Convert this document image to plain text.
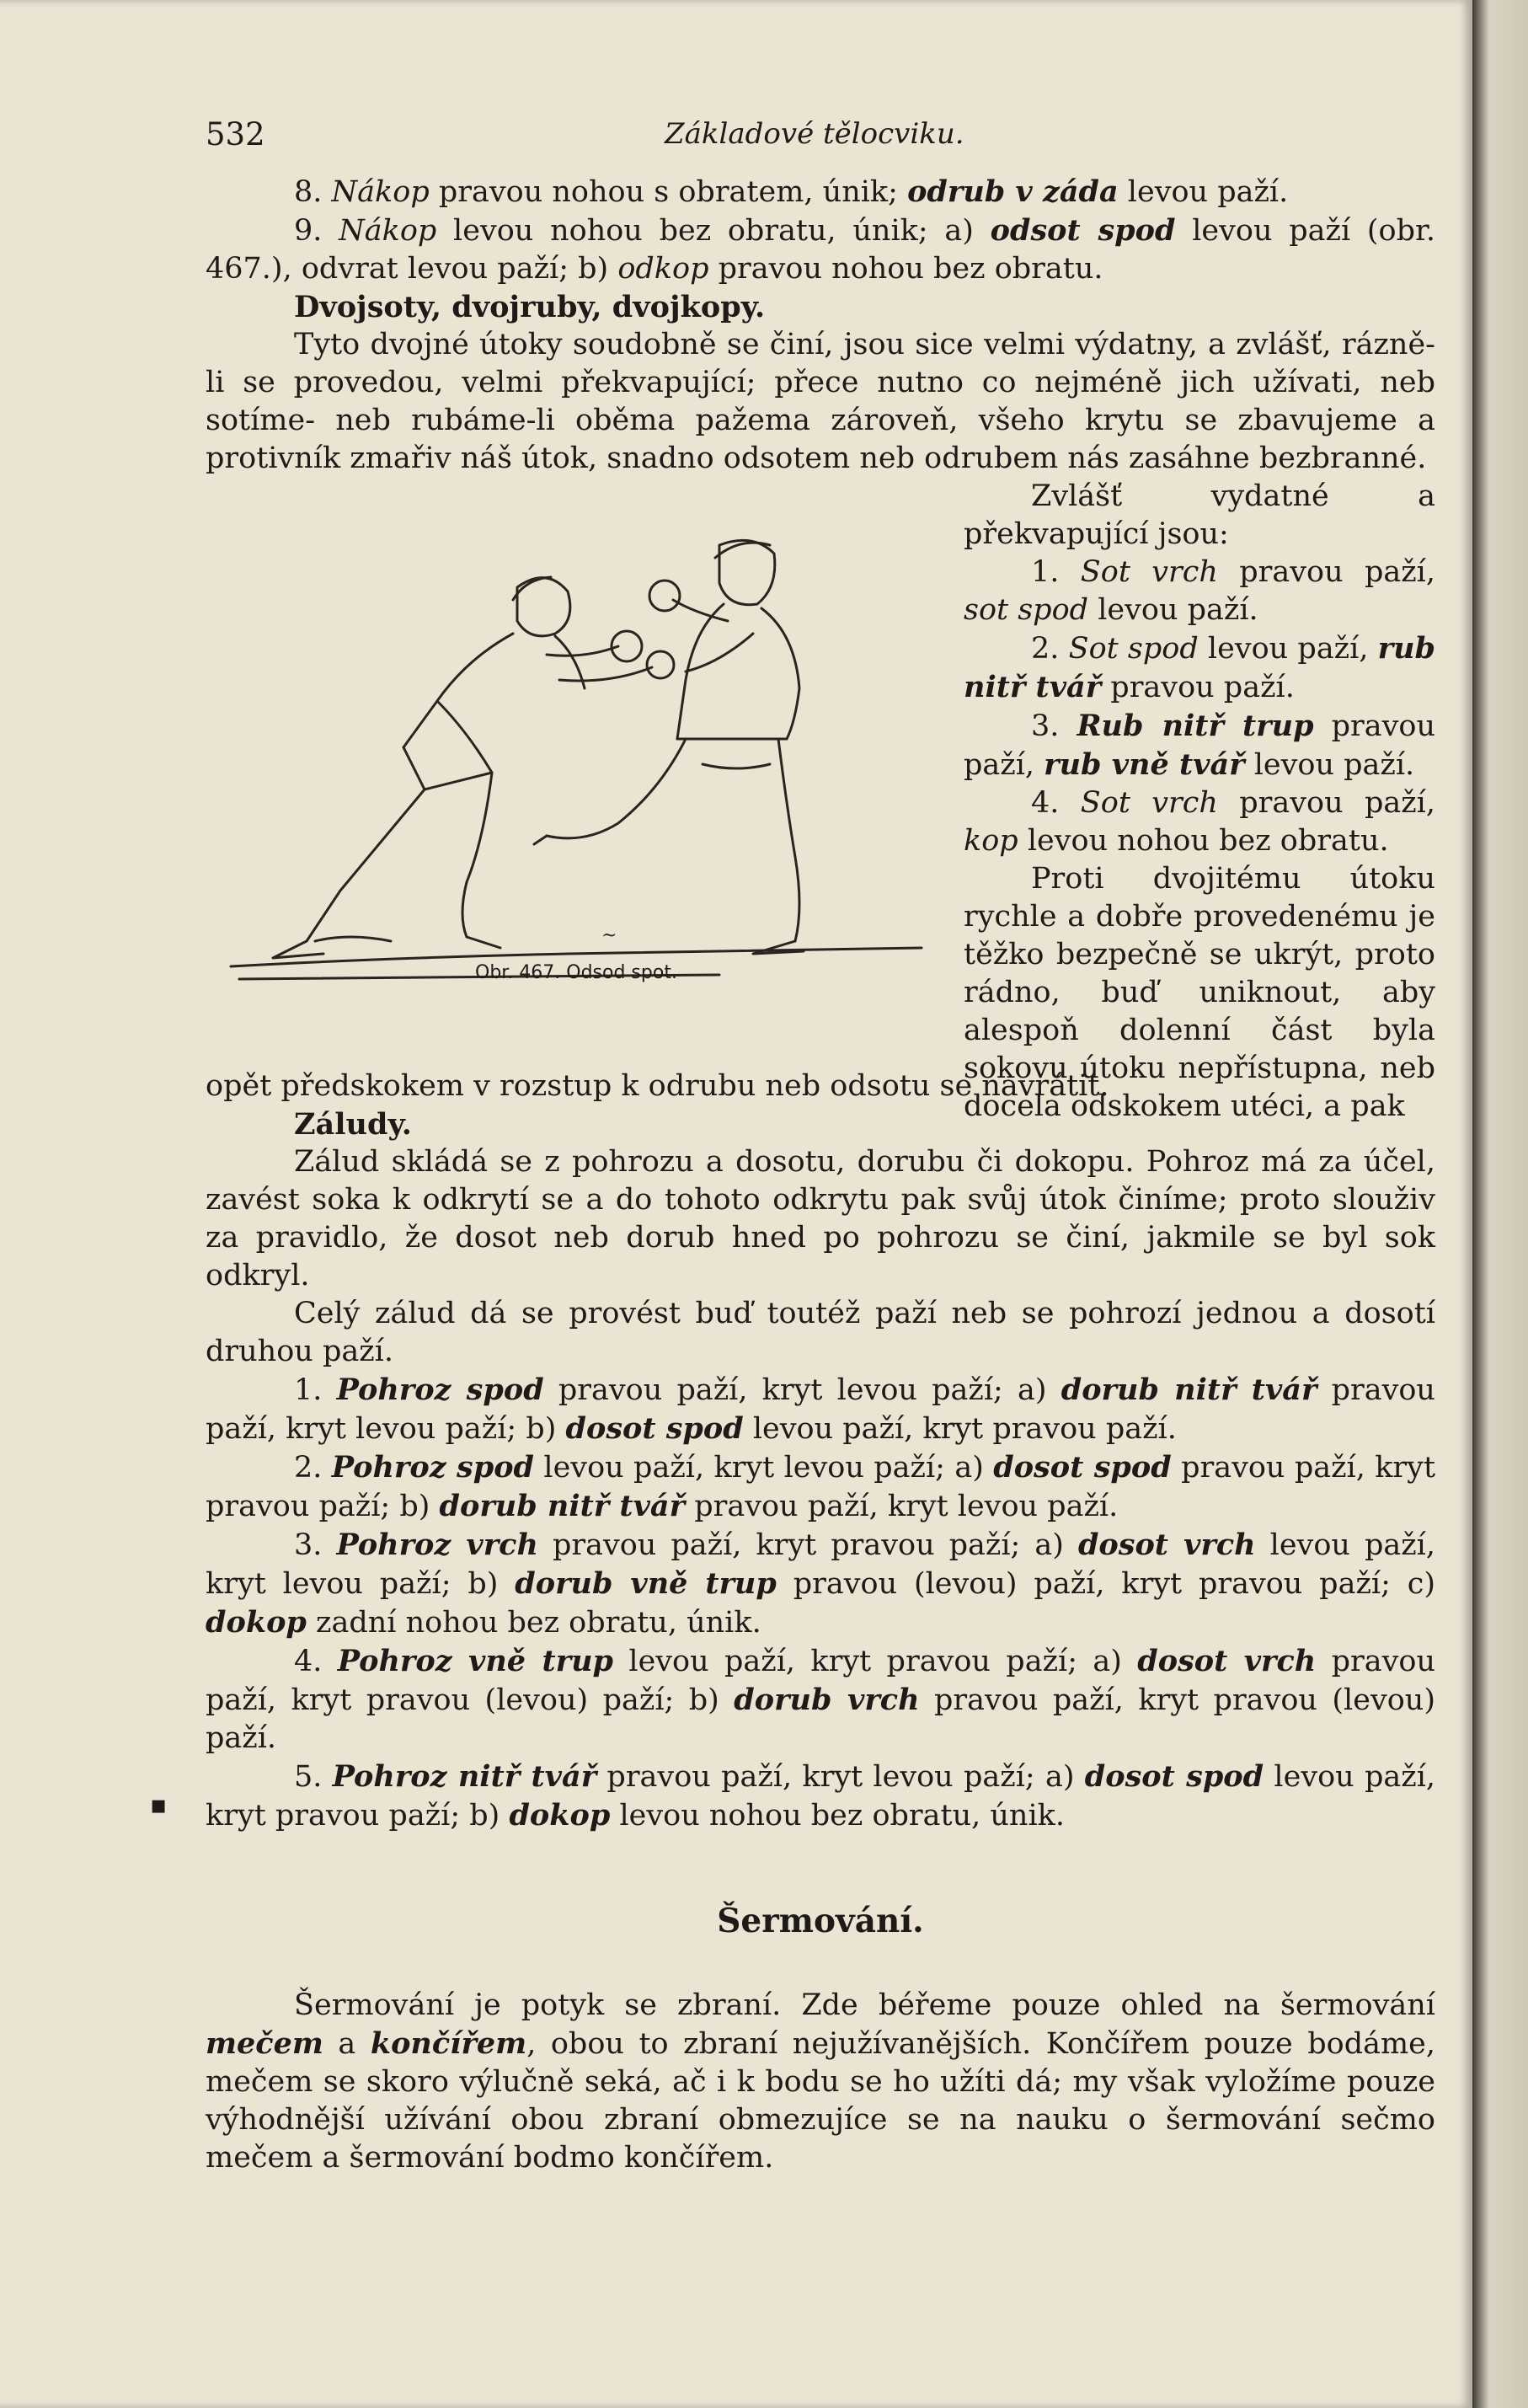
532	Základové tělocviku.

8. Nákop pravou nohou s obratem, únik; odrub v záda levou paží.

9. Nákop levou nohou bez obratu, únik; a) odsot spod levou paží (obr. 467.), odvrat levou paží; b) odkop pravou nohou bez obratu.

Dvojsoty, dvojruby, dvojkopy.

Tyto dvojné útoky soudobně se činí, jsou sice velmi výdatny, a zvlášť, rázně-li se provedou, velmi překvapující; přece nutno co nejméně jich užívati, neb sotíme- neb rubáme-li oběma pažema zároveň, všeho krytu se zbavujeme a protivník zmařiv náš útok, snadno odsotem neb odrubem nás zasáhne bezbranné.

~
Obr. 467. Odsod spot.

Zvlášť vydatné a překvapující jsou:

1. Sot vrch pravou paží, sot spod levou paží.

2. Sot spod levou paží, rub nitř tvář pravou paží.

3. Rub nitř trup pravou paží, rub vně tvář levou paží.

4. Sot vrch pravou paží, kop levou nohou bez obratu.

Proti dvojitému útoku rychle a dobře provedenému je těžko bezpečně se ukrýt, proto rádno, buď uniknout, aby alespoň dolenní část byla sokovu útoku nepřístupna, neb docela odskokem utéci, a pak

opět předskokem v rozstup k odrubu neb odsotu se navrátit.

Záludy.

Zálud skládá se z pohrozu a dosotu, dorubu či dokopu. Pohroz má za účel, zavést soka k odkrytí se a do tohoto odkrytu pak svůj útok činíme; proto slouživ za pravidlo, že dosot neb dorub hned po pohrozu se činí, jakmile se byl sok odkryl.

Celý zálud dá se provést buď toutéž paží neb se pohrozí jednou a dosotí druhou paží.

1. Pohroz spod pravou paží, kryt levou paží; a) dorub nitř tvář pravou paží, kryt levou paží; b) dosot spod levou paží, kryt pravou paží.

2. Pohroz spod levou paží, kryt levou paží; a) dosot spod pravou paží, kryt pravou paží; b) dorub nitř tvář pravou paží, kryt levou paží.

3. Pohroz vrch pravou paží, kryt pravou paží; a) dosot vrch levou paží, kryt levou paží; b) dorub vně trup pravou (levou) paží, kryt pravou paží; c) dokop zadní nohou bez obratu, únik.

4. Pohroz vně trup levou paží, kryt pravou paží; a) dosot vrch pravou paží, kryt pravou (levou) paží; b) dorub vrch pravou paží, kryt pravou (levou) paží.

5. Pohroz nitř tvář pravou paží, kryt levou paží; a) dosot spod levou paží, kryt pravou paží; b) dokop levou nohou bez obratu, únik.

Šermování.

Šermování je potyk se zbraní. Zde béřeme pouze ohled na šermování mečem a končířem, obou to zbraní nejužívanějších. Končířem pouze bodáme, mečem se skoro výlučně seká, ač i k bodu se ho užíti dá; my však vyložíme pouze výhodnější užívání obou zbraní obmezujíce se na nauku o šermování sečmo mečem a šermování bodmo končířem.

▪
